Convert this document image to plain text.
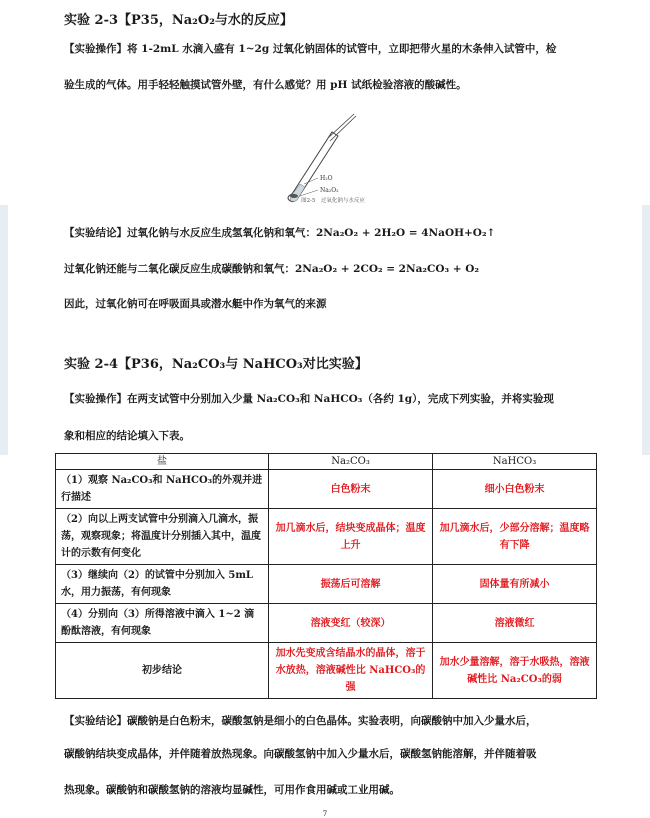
实验 2-3【P35，Na₂O₂与水的反应】
【实验操作】将 1-2mL 水滴入盛有 1~2g 过氧化钠固体的试管中，立即把带火星的木条伸入试管中，检
验生成的气体。用手轻轻触摸试管外壁，有什么感觉？用 pH 试纸检验溶液的酸碱性。
H₂O
Na₂O₂
图2-5　过氧化钠与水反应
【实验结论】过氧化钠与水反应生成氢氧化钠和氧气：2Na₂O₂ + 2H₂O = 4NaOH+O₂↑
过氧化钠还能与二氧化碳反应生成碳酸钠和氧气：2Na₂O₂ + 2CO₂ = 2Na₂CO₃ + O₂
因此，过氧化钠可在呼吸面具或潜水艇中作为氧气的来源
实验 2-4【P36，Na₂CO₃与 NaHCO₃对比实验】
【实验操作】在两支试管中分别加入少量 Na₂CO₃和 NaHCO₃（各约 1g），完成下列实验，并将实验现
象和相应的结论填入下表。
盐	Na₂CO₃	NaHCO₃
（1）观察 Na₂CO₃和 NaHCO₃的外观并进行描述	白色粉末	细小白色粉末
（2）向以上两支试管中分别滴入几滴水，振荡，观察现象；将温度计分别插入其中，温度计的示数有何变化	加几滴水后，结块变成晶体；温度上升	加几滴水后，少部分溶解；温度略有下降
（3）继续向（2）的试管中分别加入 5mL 水，用力振荡，有何现象	振荡后可溶解	固体量有所减小
（4）分别向（3）所得溶液中滴入 1~2 滴酚酞溶液，有何现象	溶液变红（较深）	溶液微红
初步结论	加水先变成含结晶水的晶体，溶于水放热，溶液碱性比 NaHCO₃的强	加水少量溶解，溶于水吸热，溶液碱性比 Na₂CO₃的弱
【实验结论】碳酸钠是白色粉末，碳酸氢钠是细小的白色晶体。实验表明，向碳酸钠中加入少量水后，
碳酸钠结块变成晶体，并伴随着放热现象。向碳酸氢钠中加入少量水后，碳酸氢钠能溶解，并伴随着吸
热现象。碳酸钠和碳酸氢钠的溶液均显碱性，可用作食用碱或工业用碱。
7
